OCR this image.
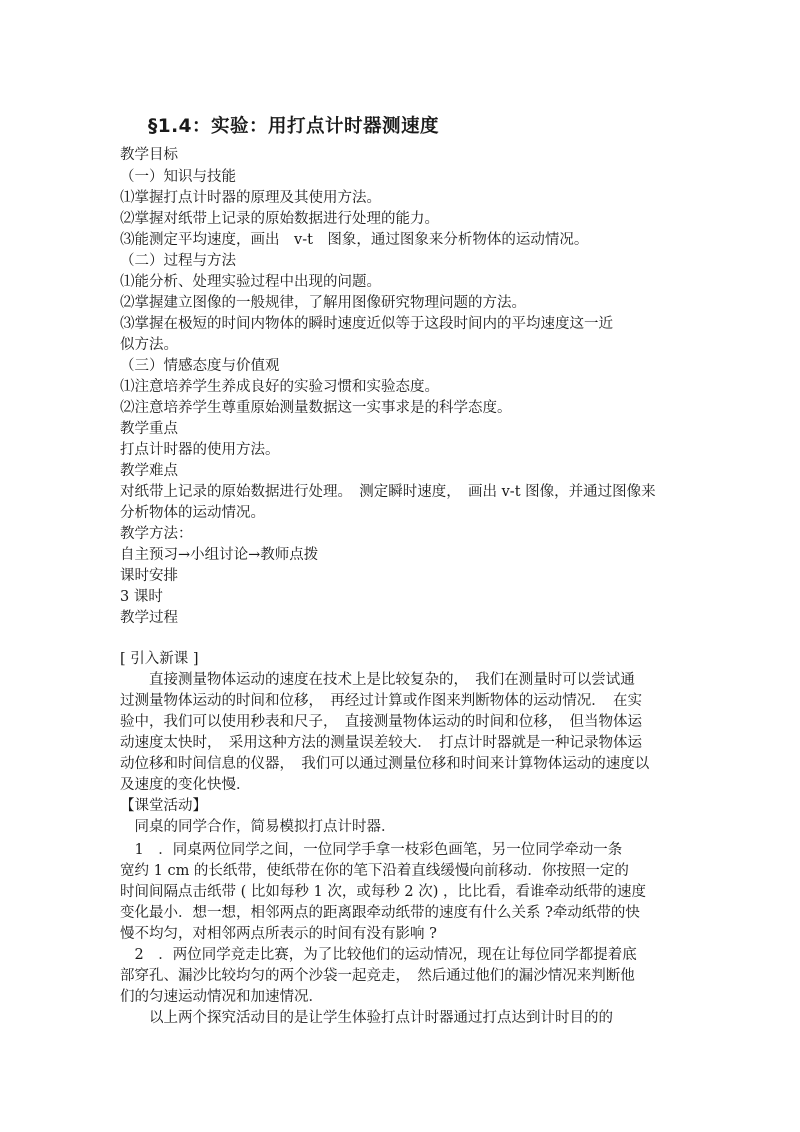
§1.4：实验：用打点计时器测速度
教学目标
（一）知识与技能
⑴掌握打点计时器的原理及其使用方法。
⑵掌握对纸带上记录的原始数据进行处理的能力。
⑶能测定平均速度，画出　v-t　图象，通过图象来分析物体的运动情况。
（二）过程与方法
⑴能分析、处理实验过程中出现的问题。
⑵掌握建立图像的一般规律，了解用图像研究物理问题的方法。
⑶掌握在极短的时间内物体的瞬时速度近似等于这段时间内的平均速度这一近
似方法。
（三）情感态度与价值观
⑴注意培养学生养成良好的实验习惯和实验态度。
⑵注意培养学生尊重原始测量数据这一实事求是的科学态度。
教学重点
打点计时器的使用方法。
教学难点
对纸带上记录的原始数据进行处理。　测定瞬时速度，　画出 v-t 图像，并通过图像来
分析物体的运动情况。
教学方法：
自主预习→小组讨论→教师点拨
课时安排
3 课时
教学过程
[ 引入新课 ]
　　直接测量物体运动的速度在技术上是比较复杂的，　我们在测量时可以尝试通
过测量物体运动的时间和位移，　再经过计算或作图来判断物体的运动情况．　在实
验中，我们可以使用秒表和尺子，　直接测量物体运动的时间和位移，　但当物体运
动速度太快时，　采用这种方法的测量误差较大．　打点计时器就是一种记录物体运
动位移和时间信息的仪器，　我们可以通过测量位移和时间来计算物体运动的速度以
及速度的变化快慢．
【课堂活动】
　同桌的同学合作，简易模拟打点计时器．
　1　．同桌两位同学之间，一位同学手拿一枝彩色画笔，另一位同学牵动一条
宽约 1 cm 的长纸带，使纸带在你的笔下沿着直线缓慢向前移动．你按照一定的
时间间隔点击纸带 ( 比如每秒 1 次，或每秒 2 次) ，比比看，看谁牵动纸带的速度
变化最小．想一想，相邻两点的距离跟牵动纸带的速度有什么关系 ?牵动纸带的快
慢不均匀，对相邻两点所表示的时间有没有影响 ?
　2　．两位同学竞走比赛，为了比较他们的运动情况，现在让每位同学都提着底
部穿孔、漏沙比较均匀的两个沙袋一起竞走，　然后通过他们的漏沙情况来判断他
们的匀速运动情况和加速情况．
　　以上两个探究活动目的是让学生体验打点计时器通过打点达到计时目的的
